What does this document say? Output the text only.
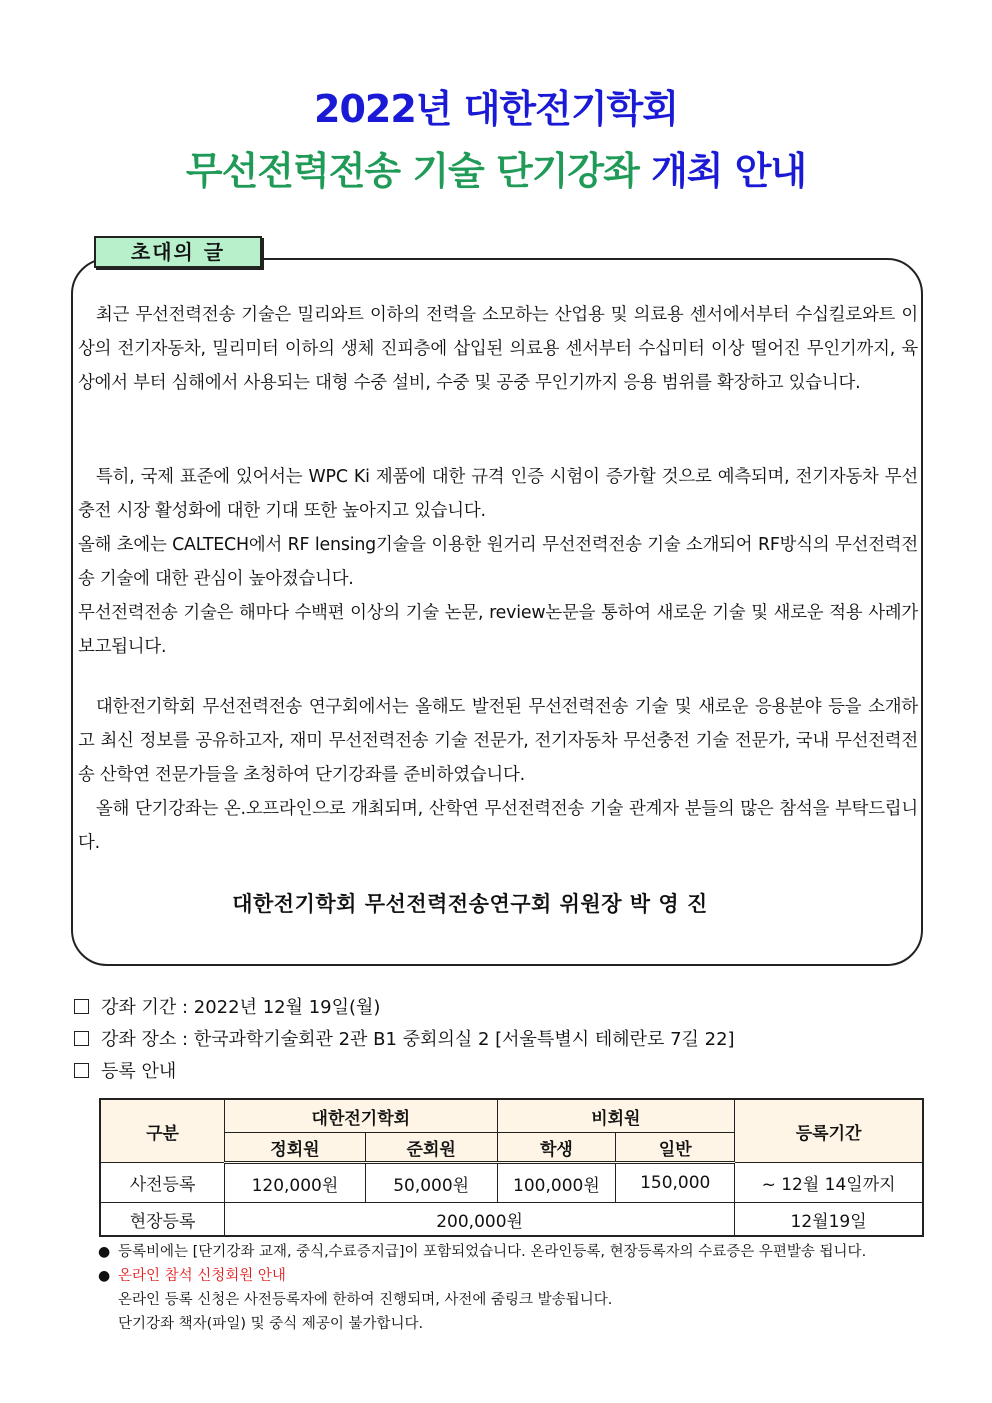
2022년 대한전기학회
무선전력전송 기술 단기강좌 개최 안내
초대의 글
최근 무선전력전송 기술은 밀리와트 이하의 전력을 소모하는 산업용 및 의료용 센서에서부터 수십킬로와트 이상의 전기자동차, 밀리미터 이하의 생체 진피층에 삽입된 의료용 센서부터 수십미터 이상 떨어진 무인기까지, 육상에서 부터 심해에서 사용되는 대형 수중 설비, 수중 및 공중 무인기까지 응용 범위를 확장하고 있습니다.
특히, 국제 표준에 있어서는 WPC Ki 제품에 대한 규격 인증 시험이 증가할 것으로 예측되며, 전기자동차 무선 충전 시장 활성화에 대한 기대 또한 높아지고 있습니다.
올해 초에는 CALTECH에서 RF lensing기술을 이용한 원거리 무선전력전송 기술 소개되어 RF방식의 무선전력전송 기술에 대한 관심이 높아졌습니다.
무선전력전송 기술은 해마다 수백편 이상의 기술 논문, review논문을 통하여 새로운 기술 및 새로운 적용 사례가 보고됩니다.
대한전기학회 무선전력전송 연구회에서는 올해도 발전된 무선전력전송 기술 및 새로운 응용분야 등을 소개하고 최신 정보를 공유하고자, 재미 무선전력전송 기술 전문가, 전기자동차 무선충전 기술 전문가, 국내 무선전력전송 산학연 전문가들을 초청하여 단기강좌를 준비하였습니다.
올해 단기강좌는 온.오프라인으로 개최되며, 산학연 무선전력전송 기술 관계자 분들의 많은 참석을 부탁드립니다.
대한전기학회 무선전력전송연구회 위원장 박 영 진
강좌 기간 : 2022년 12월 19일(월)
강좌 장소 : 한국과학기술회관 2관 B1 중회의실 2 [서울특별시 테헤란로 7길 22]
등록 안내
구분	대한전기학회		비회원		등록기간
	정회원	준회원	학생	일반	
사전등록	120,000원	50,000원	100,000원	150,000	~ 12월 14일까지
현장등록	200,000원				12월19일
● 등록비에는 [단기강좌 교재, 중식,수료증지급]이 포함되었습니다. 온라인등록, 현장등록자의 수료증은 우편발송 됩니다.
● 온라인 참석 신청회원 안내
온라인 등록 신청은 사전등록자에 한하여 진행되며, 사전에 줌링크 발송됩니다.
단기강좌 책자(파일) 및 중식 제공이 불가합니다.
